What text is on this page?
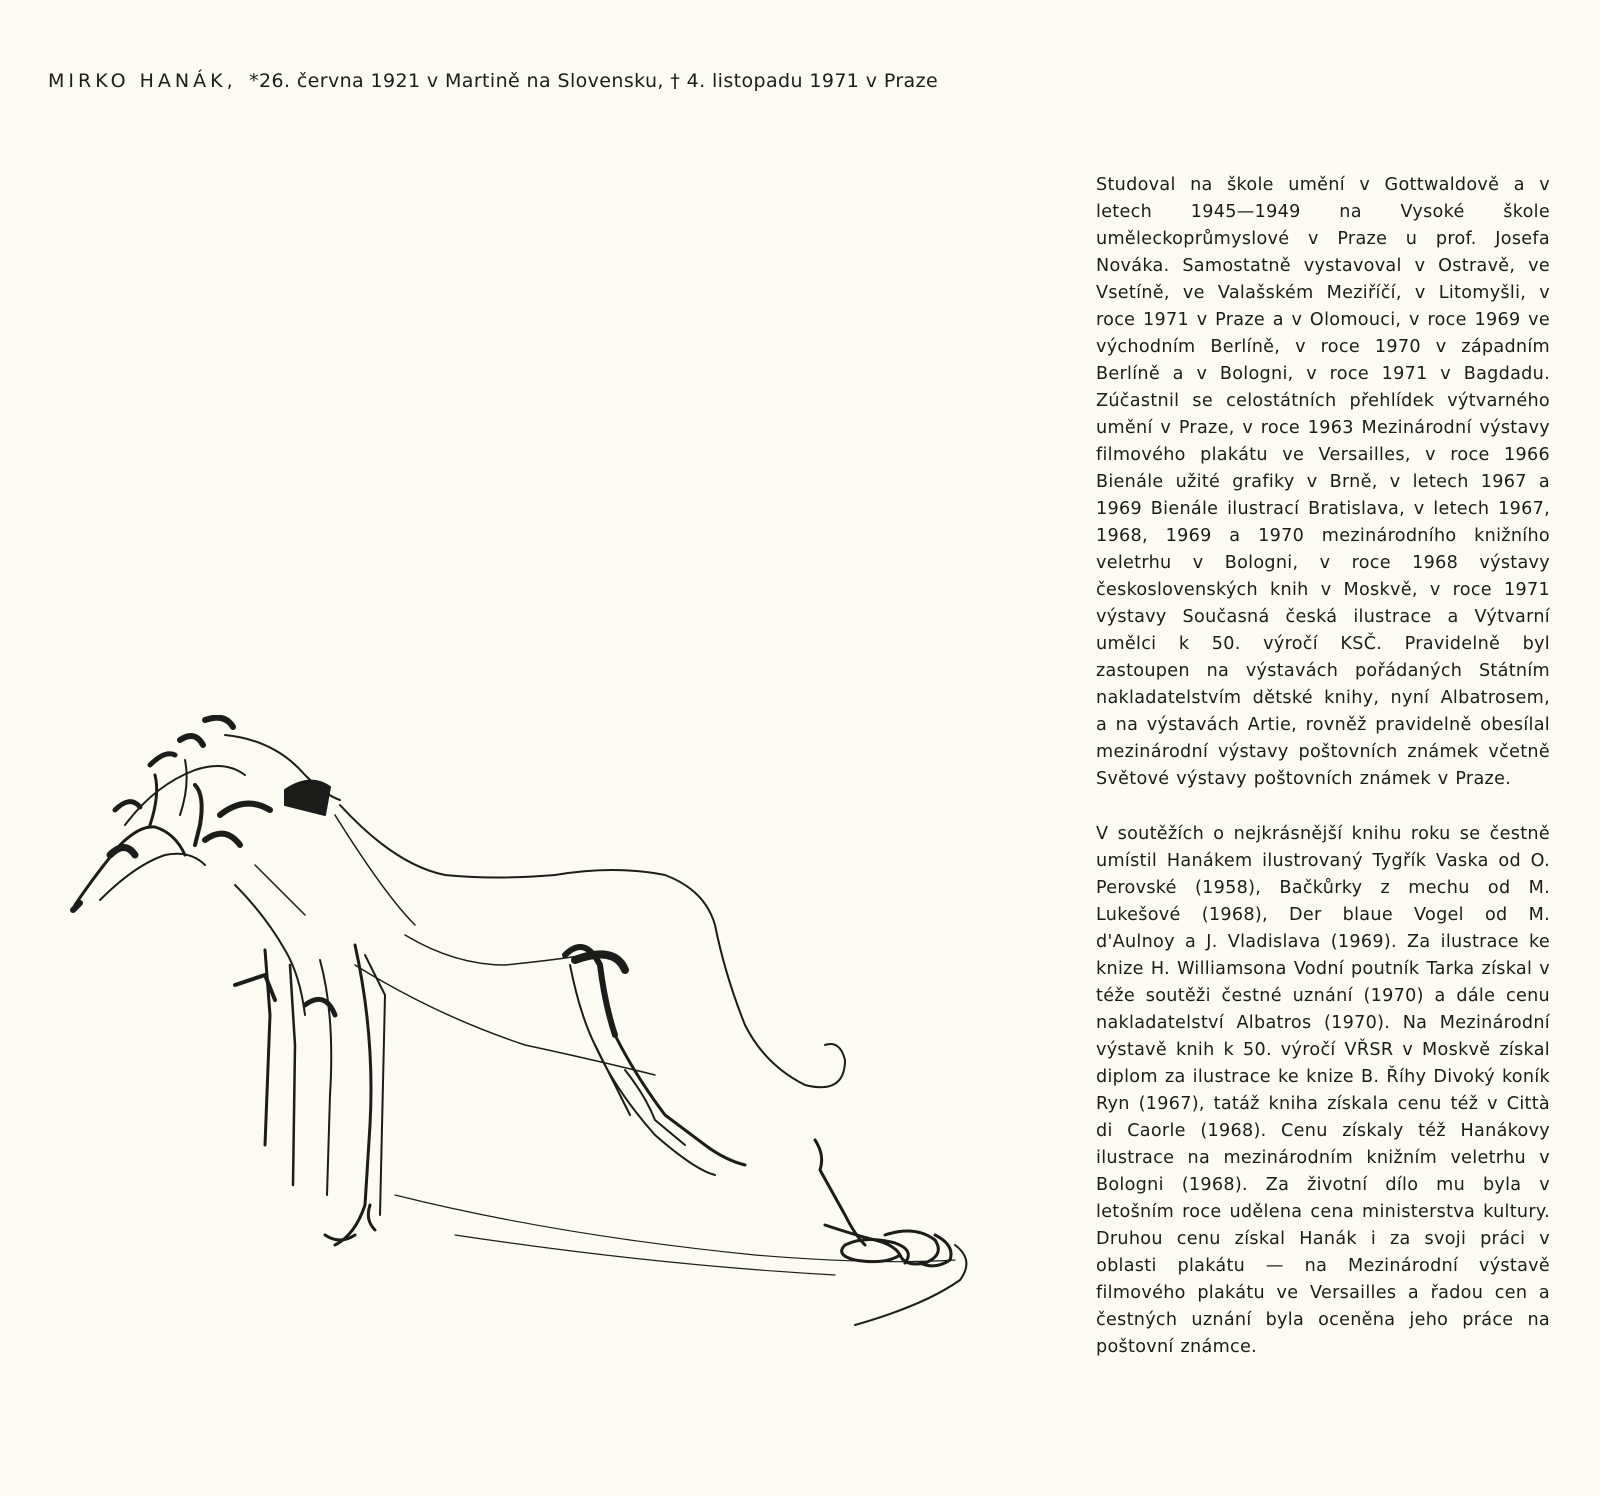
MIRKO HANÁK, *26. června 1921 v Martině na Slovensku, † 4. listopadu 1971 v Praze

Studoval na škole umění v Gottwaldově a v letech 1945—1949 na Vysoké škole uměleckoprůmyslové v Praze u prof. Josefa Nováka. Samostatně vystavoval v Ostravě, ve Vsetíně, ve Valašském Meziříčí, v Litomyšli, v roce 1971 v Praze a v Olomouci, v roce 1969 ve východním Berlíně, v roce 1970 v západním Berlíně a v Bologni, v roce 1971 v Bagdadu. Zúčastnil se celostátních přehlídek výtvarného umění v Praze, v roce 1963 Mezinárodní výstavy filmového plakátu ve Versailles, v roce 1966 Bienále užité grafiky v Brně, v letech 1967 a 1969 Bienále ilustrací Bratislava, v letech 1967, 1968, 1969 a 1970 mezinárodního knižního veletrhu v Bologni, v roce 1968 výstavy československých knih v Moskvě, v roce 1971 výstavy Současná česká ilustrace a Výtvarní umělci k 50. výročí KSČ. Pravidelně byl zastoupen na výstavách pořádaných Státním nakladatelstvím dětské knihy, nyní Albatrosem, a na výstavách Artie, rovněž pravidelně obesílal mezinárodní výstavy poštovních známek včetně Světové výstavy poštovních známek v Praze.

V soutěžích o nejkrásnější knihu roku se čestně umístil Hanákem ilustrovaný Tygřík Vaska od O. Perovské (1958), Bačkůrky z mechu od M. Lukešové (1968), Der blaue Vogel od M. d'Aulnoy a J. Vladislava (1969). Za ilustrace ke knize H. Williamsona Vodní poutník Tarka získal v téže soutěži čestné uznání (1970) a dále cenu nakladatelství Albatros (1970). Na Mezinárodní výstavě knih k 50. výročí VŘSR v Moskvě získal diplom za ilustrace ke knize B. Říhy Divoký koník Ryn (1967), tatáž kniha získala cenu též v Città di Caorle (1968). Cenu získaly též Hanákovy ilustrace na mezinárodním knižním veletrhu v Bologni (1968). Za životní dílo mu byla v letošním roce udělena cena ministerstva kultury. Druhou cenu získal Hanák i za svoji práci v oblasti plakátu — na Mezinárodní výstavě filmového plakátu ve Versailles a řadou cen a čestných uznání byla oceněna jeho práce na poštovní známce.
